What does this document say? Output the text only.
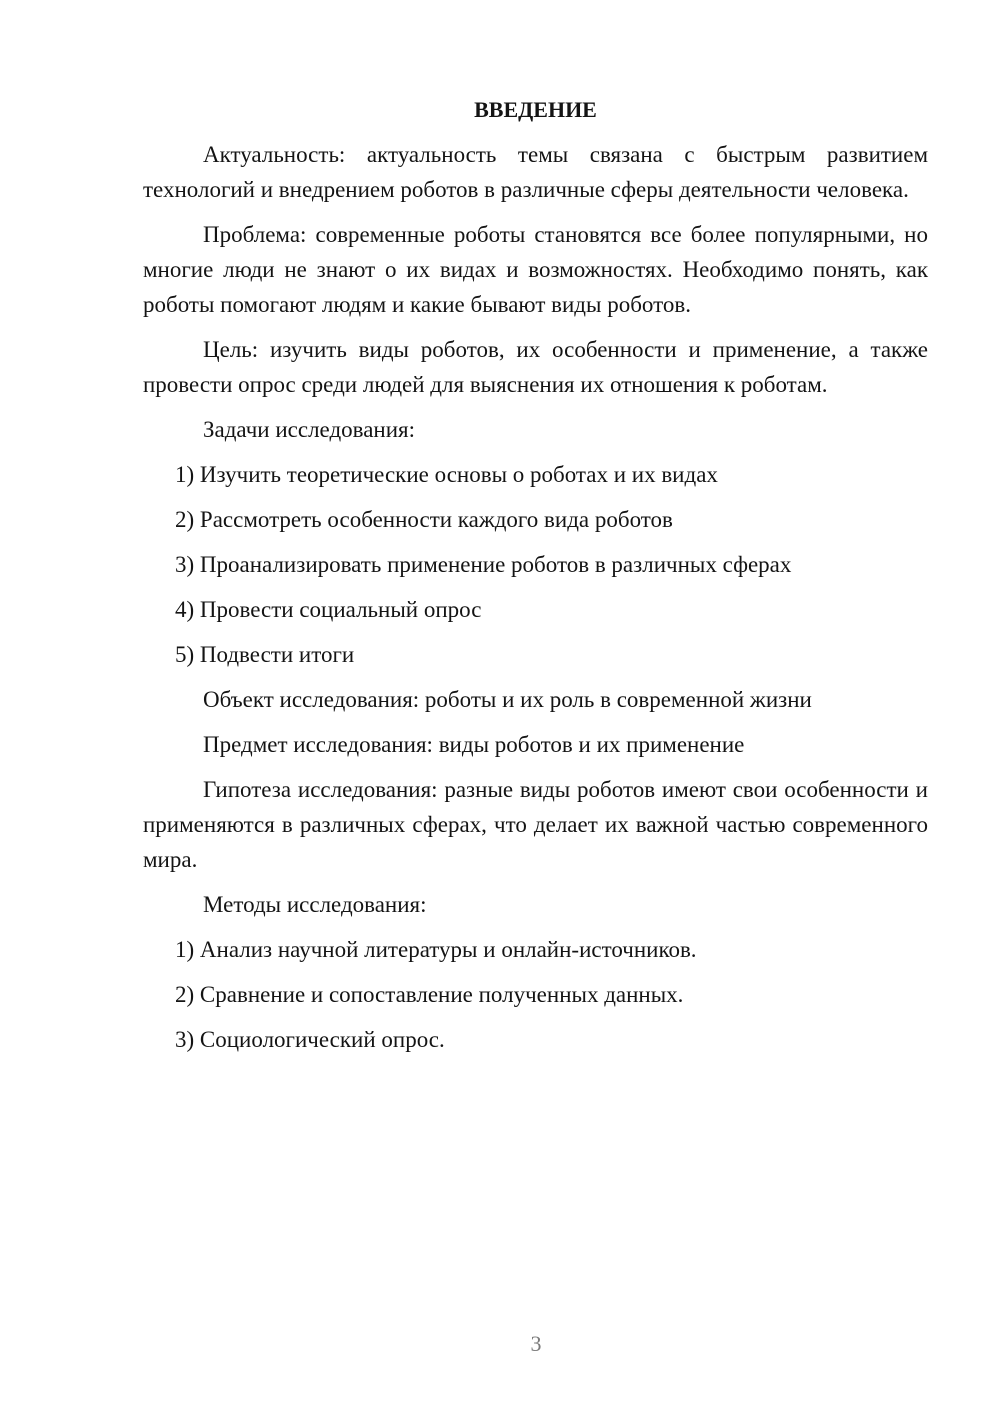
ВВЕДЕНИЕ
Актуальность: актуальность темы связана с быстрым развитием технологий и внедрением роботов в различные сферы деятельности человека.
Проблема: современные роботы становятся все более популярными, но многие люди не знают о их видах и возможностях. Необходимо понять, как роботы помогают людям и какие бывают виды роботов.
Цель: изучить виды роботов, их особенности и применение, а также провести опрос среди людей для выяснения их отношения к роботам.
Задачи исследования:
1) Изучить теоретические основы о роботах и их видах
2) Рассмотреть особенности каждого вида роботов
3) Проанализировать применение роботов в различных сферах
4) Провести социальный опрос
5) Подвести итоги
Объект исследования: роботы и их роль в современной жизни
Предмет исследования: виды роботов и их применение
Гипотеза исследования: разные виды роботов имеют свои особенности и применяются в различных сферах, что делает их важной частью современного мира.
Методы исследования:
1) Анализ научной литературы и онлайн-источников.
2) Сравнение и сопоставление полученных данных.
3) Социологический опрос.
3
